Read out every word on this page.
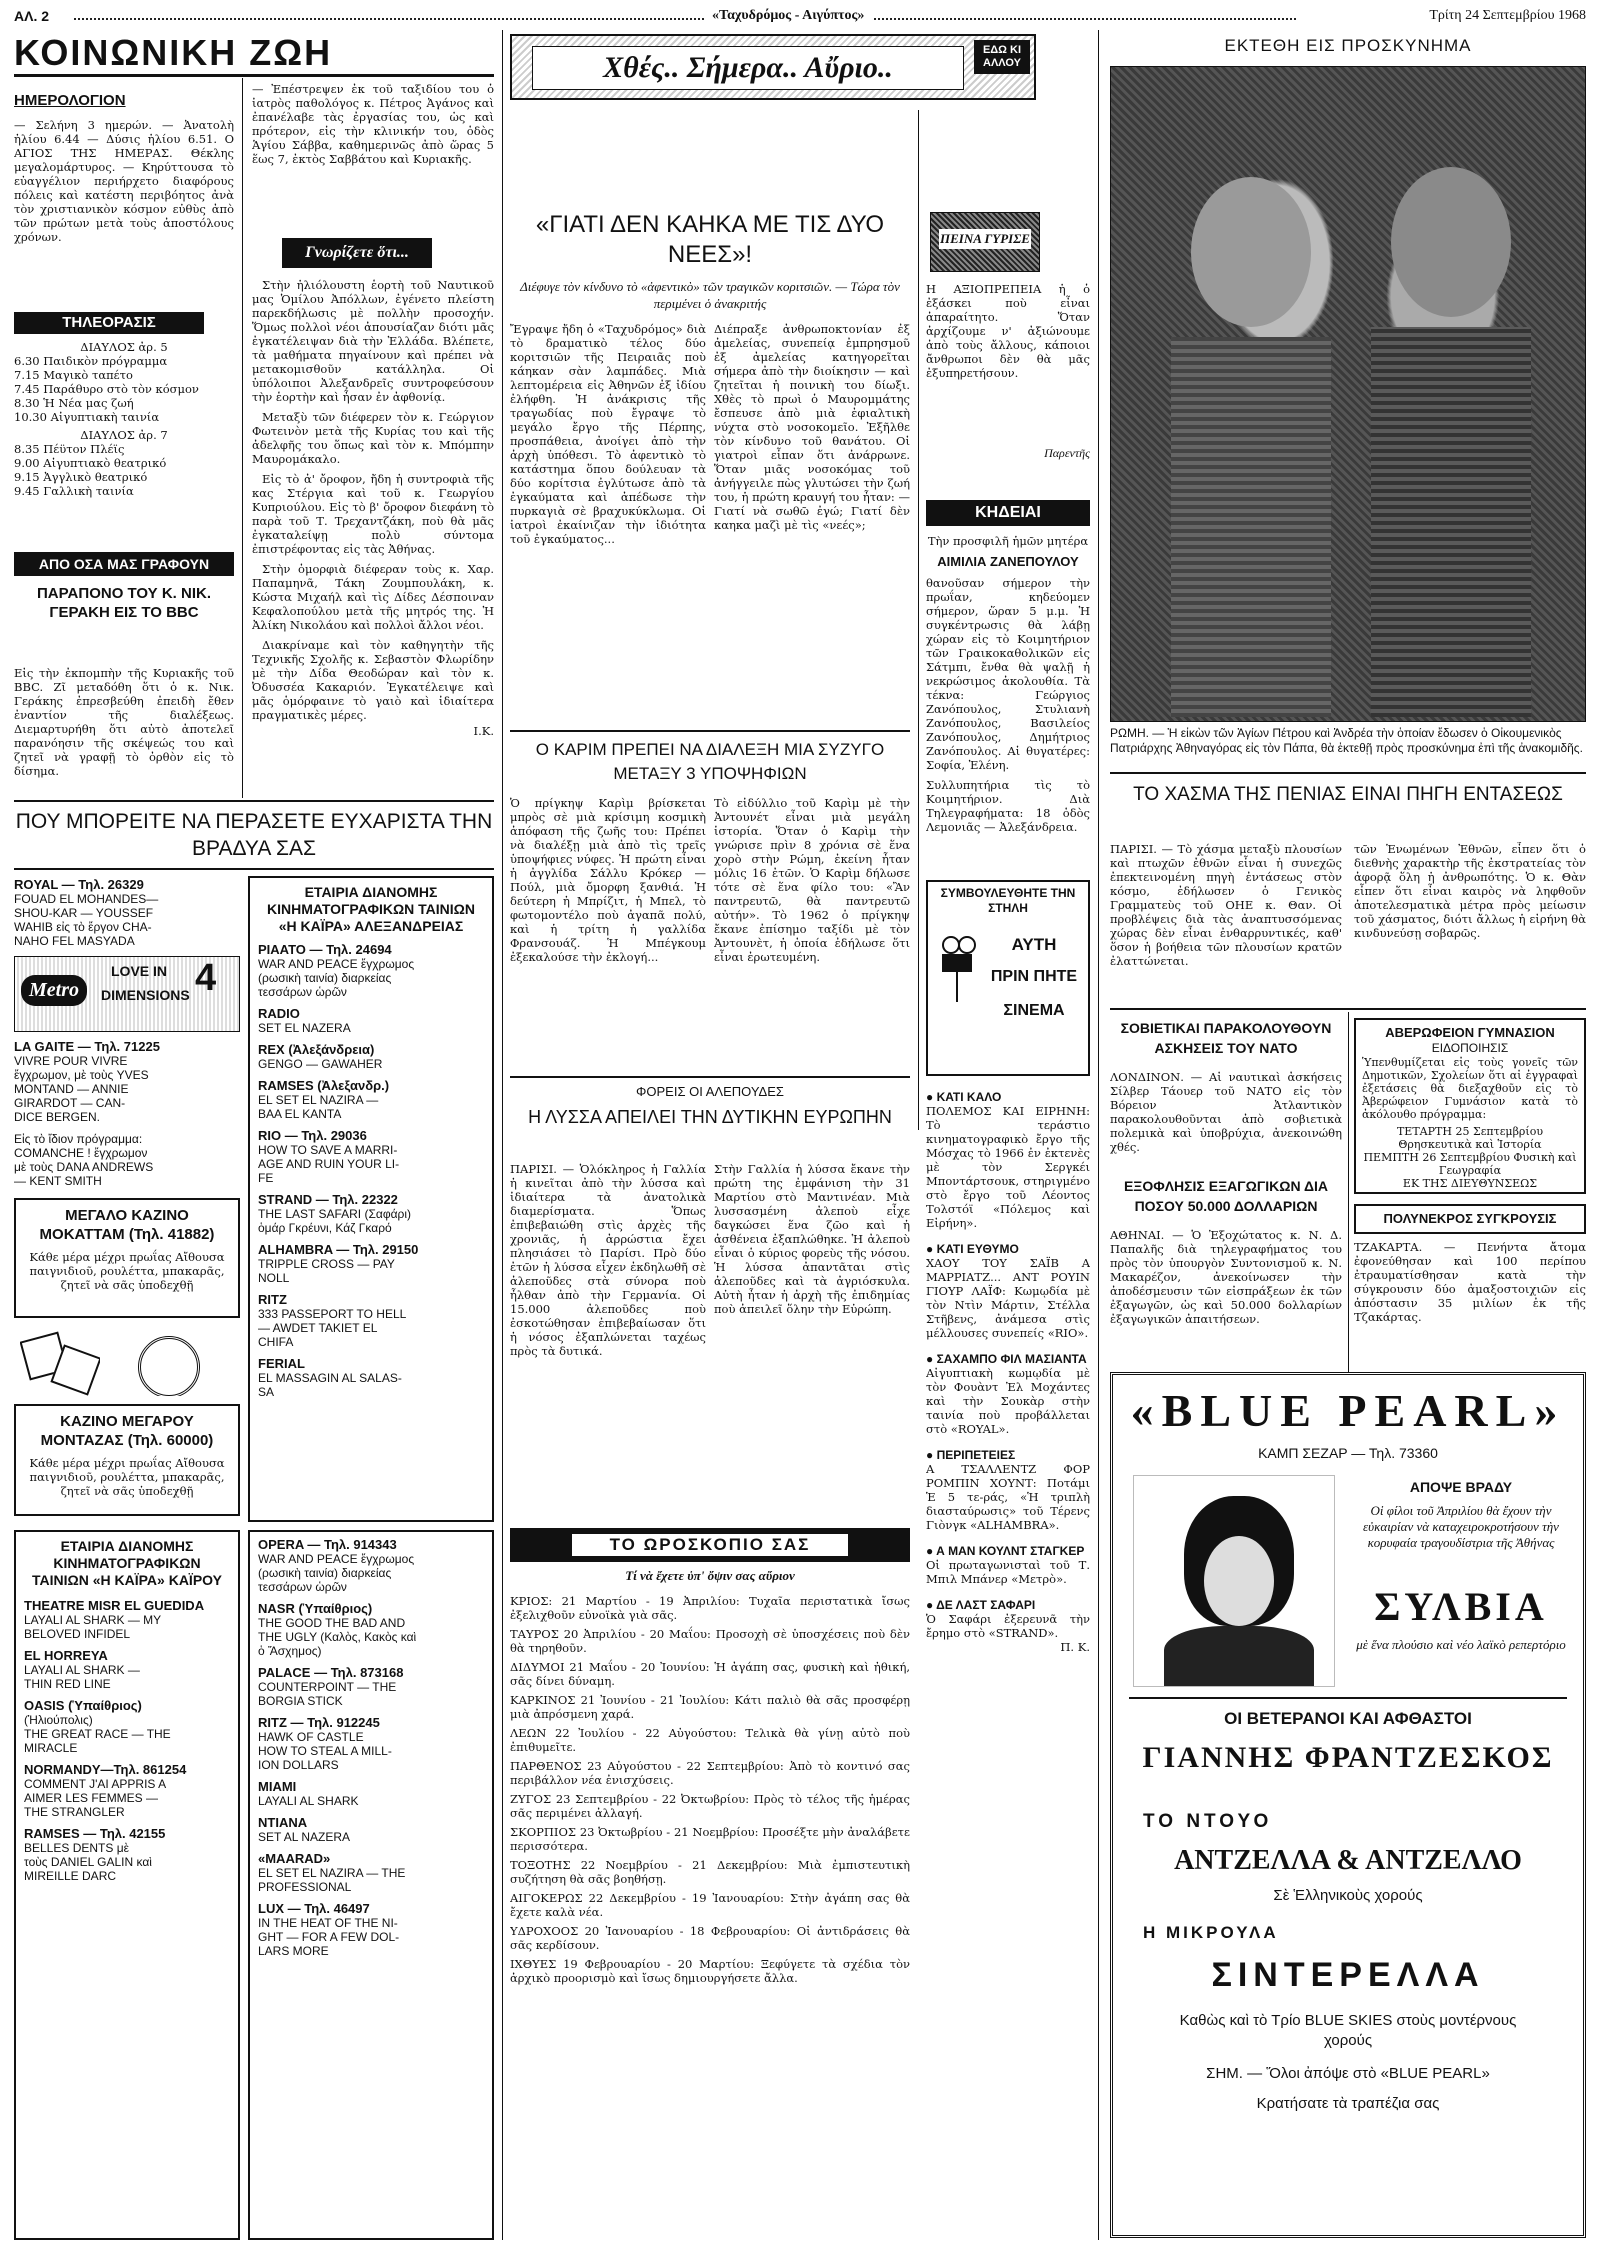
ΑΛ. 2	«Ταχυδρόμος - Αιγύπτος»	Τρίτη 24 Σεπτεμβρίου 1968
ΚΟΙΝΩΝΙΚΗ ΖΩΗ
ΗΜΕΡΟΛΟΓΙΟΝ
— Σελήνη 3 ημερών. — Ἀνατολὴ ἡλίου 6.44 — Δύσις ἡλίου 6.51. Ο ΑΓΙΟΣ ΤΗΣ ΗΜΕΡΑΣ. Θέκλης μεγαλομάρτυρος. — Κηρύττουσα τὸ εὐαγγέλιον περιήρχετο διαφόρους πόλεις καὶ κατέστη περιβόητος ἀνὰ τὸν χριστιανικὸν κόσμον εὐθὺς ἀπὸ τῶν πρώτων μετὰ τοὺς ἀποστόλους χρόνων.
— Ἐπέστρεψεν ἐκ τοῦ ταξιδίου του ὁ ἰατρὸς παθολόγος κ. Πέτρος Ἀγάνος καὶ ἐπανέλαβε τὰς ἐργασίας του, ὡς καὶ πρότερον, εἰς τὴν κλινικήν του, ὁδὸς Ἁγίου Σάββα, καθημερινῶς ἀπὸ ὥρας 5 ἕως 7, ἐκτὸς Σαββάτου καὶ Κυριακῆς.
ΤΗΛΕΟΡΑΣΙΣ
ΔΙΑΥΛΟΣ ἀρ. 5
6.30 Παιδικὸν πρόγραμμα
7.15 Μαγικὸ ταπέτο
7.45 Παράθυρο στὸ τὸν κόσμον
8.30 Ἡ Νέα μας ζωή
10.30 Αἰγυπτιακὴ ταινία
ΔΙΑΥΛΟΣ ἀρ. 7
8.35 Πέϋτον Πλέϊς
9.00 Αἰγυπτιακὸ θεατρικό
9.15 Ἀγγλικὸ θεατρικό
9.45 Γαλλικὴ ταινία
ΑΠΟ ΟΣΑ ΜΑΣ ΓΡΑΦΟΥΝ
ΠΑΡΑΠΟΝΟ ΤΟΥ Κ. ΝΙΚ. ΓΕΡΑΚΗ ΕΙΣ ΤΟ BBC
Εἰς τὴν ἐκπομπὴν τῆς Κυριακῆς τοῦ BBC. Ζῖ μεταδόθη ὅτι ὁ κ. Νικ. Γεράκης ἐπρεσβεύθη ἐπειδὴ ἔθεν ἐναντίον τῆς διαλέξεως. Διεμαρτυρήθη ὅτι αὐτὸ ἀποτελεῖ παρανόησιν τῆς σκέψεώς του καὶ ζητεῖ νὰ γραφῇ τὸ ὀρθὸν εἰς τὸ δίσημα.
Γνωρίζετε ὅτι...

Στὴν ἡλιόλουστη ἑορτὴ τοῦ Ναυτικοῦ μας Ὁμίλου Ἀπόλλων, ἐγένετο πλείστη παρεκδήλωσις μὲ πολλὴν προσοχήν. Ὅμως πολλοὶ νέοι ἀπουσίαζαν διότι μᾶς ἐγκατέλειψαν διὰ τὴν Ἑλλάδα. Βλέπετε, τὰ μαθήματα πηγαίνουν καὶ πρέπει νὰ μετακομισθοῦν κατάλληλα. Οἱ ὑπόλοιποι Ἀλεξανδρεῖς συντροφεύσουν τὴν ἑορτὴν καὶ ἦσαν ἐν ἀφθονίᾳ.

Μεταξὺ τῶν διέφερεν τὸν κ. Γεώργιον Φωτεινὸν μετὰ τῆς Κυρίας του καὶ τῆς ἀδελφῆς του ὅπως καὶ τὸν κ. Μπόμπην Μαυρομάκαλο.

Εἰς τὸ ἀ' ὄροφον, ἤδη ἡ συντροφιὰ τῆς κας Στέργια καὶ τοῦ κ. Γεωργίου Κυπριούλου. Εἰς τὸ β' ὄροφον διεφάνη τὸ παρὰ τοῦ Τ. Τρεχαντζάκη, ποὺ θὰ μᾶς ἐγκαταλείψῃ πολὺ σύντομα ἐπιστρέφοντας εἰς τὰς Ἀθήνας.

Στὴν ὁμορφιὰ διέφεραν τοὺς κ. Χαρ. Παπαμηνᾶ, Τάκη Ζουμπουλάκη, κ. Κώστα Μιχαήλ καὶ τὶς Δίδες Δέσποιναν Κεφαλοπούλου μετὰ τῆς μητρός της. Ἡ Ἀλίκη Νικολάου καὶ πολλοὶ ἄλλοι νέοι.

Διακρίναμε καὶ τὸν καθηγητὴν τῆς Τεχνικῆς Σχολῆς κ. Σεβαστὸν Φλωρίδην μὲ τὴν Δίδα Θεοδώραν καὶ τὸν κ. Ὀδυσσέα Κακαριόν. Ἐγκατέλειψε καὶ μᾶς ὁμόρφαινε τὸ γαιὸ καὶ ἰδιαίτερα πραγματικὲς μέρες.

Ι.Κ.
ΠΟΥ ΜΠΟΡΕΙΤΕ ΝΑ ΠΕΡΑΣΕΤΕ ΕΥΧΑΡΙΣΤΑ ΤΗΝ ΒΡΑΔΥΑ ΣΑΣ
ROYAL — Τηλ. 26329
FOUAD EL MOHANDES—
SHOU-KAR — YOUSSEF
WAHIB εἰς τὸ ἔργον CHA-
NAHO FEL MASYADA
Metro
LOVE IN 4
DIMENSIONS
LA GAITE — Τηλ. 71225
VIVRE POUR VIVRE
ἔγχρωμον, μὲ τοὺς YVES
MONTAND — ANNIE
GIRARDOT — CAN-
DICE BERGEN.
Εἰς τὸ ἴδιον πρόγραμμα:
COMANCHE ! ἔγχρωμον
μὲ τοὺς DANA ANDREWS
— KENT SMITH
ΜΕΓΑΛΟ ΚΑΖΙΝΟ ΜΟΚΑΤΤΑΜ (Τηλ. 41882)
Κάθε μέρα μέχρι πρωΐας Αἴθουσα παιγνιδιοῦ, ρουλέττα, μπακαρᾶς, ζητεῖ νὰ σᾶς ὑποδεχθῇ
ΚΑΖΙΝΟ ΜΕΓΑΡΟΥ ΜΟΝΤΑΖΑΣ (Τηλ. 60000)
Κάθε μέρα μέχρι πρωΐας Αἴθουσα παιγνιδιοῦ, ρουλέττα, μπακαρᾶς, ζητεῖ νὰ σᾶς ὑποδεχθῇ
ΕΤΑΙΡΙΑ ΔΙΑΝΟΜΗΣ ΚΙΝΗΜΑΤΟΓΡΑΦΙΚΩΝ ΤΑΙΝΙΩΝ «Η ΚΑΪΡΑ» ΑΛΕΞΑΝΔΡΕΙΑΣ
PIAATO — Τηλ. 24694
WAR AND PEACE ἔγχρωμος
(ρωσικὴ ταινία) διαρκείας
τεσσάρων ὡρῶν
RADIO
SET EL NAZERA
REX (Ἀλεξάνδρεια)
GENGO — GAWAHER
RAMSES (Ἀλεξανδρ.)
EL SET EL NAZIRA —
BAA EL KANTA
RIO — Τηλ. 29036
HOW TO SAVE A MARRI-
AGE AND RUIN YOUR LI-
FE
STRAND — Τηλ. 22322
THE LAST SAFARI (Σαφάρι)
ὁμάρ Γκρέυνι, Κάζ Γκαρό
ALHAMBRA — Τηλ. 29150
TRIPPLE CROSS — PAY
NOLL
RITZ
333 PASSEPORT TO HELL
— AWDET TAKIET EL
CHIFA
FERIAL
EL MASSAGIN AL SALAS-
SA
ΕΤΑΙΡΙΑ ΔΙΑΝΟΜΗΣ ΚΙΝΗΜΑΤΟΓΡΑΦΙΚΩΝ ΤΑΙΝΙΩΝ «Η ΚΑΪΡΑ» ΚΑΪΡΟΥ
THEATRE MISR EL GUEDIDA
LAYALI AL SHARK — MY
BELOVED INFIDEL
EL HORREYA
LAYALI AL SHARK —
THIN RED LINE
OASIS (Ὑπαίθριος)
(Ἡλιούπολις)
THE GREAT RACE — THE
MIRACLE
NORMANDY—Τηλ. 861254
COMMENT J'AI APPRIS A
AIMER LES FEMMES —
THE STRANGLER
RAMSES — Τηλ. 42155
BELLES DENTS μὲ
τοὺς DANIEL GALIN καὶ
MIREILLE DARC
OPERA — Τηλ. 914343
WAR AND PEACE ἔγχρωμος
(ρωσικὴ ταινία) διαρκείας
τεσσάρων ὡρῶν
NASR (Ὑπαίθριος)
THE GOOD THE BAD AND
THE UGLY (Καλὸς, Κακὸς καὶ
ὁ Ἄσχημος)
PALACE — Τηλ. 873168
COUNTERPOINT — THE
BORGIA STICK
RITZ — Τηλ. 912245
HAWK OF CASTLE
HOW TO STEAL A MILL-
ION DOLLARS
MIAMI
LAYALI AL SHARK
NTIANA
SET AL NAZERA
«MAARAD»
EL SET EL NAZIRA — THE
PROFESSIONAL
LUX — Τηλ. 46497
IN THE HEAT OF THE NI-
GHT — FOR A FEW DOL-
LARS MORE
Χθές.. Σήμερα.. Αὔριο..
ΕΔΩ ΚΙ ΑΛΛΟΥ
«ΓΙΑΤΙ ΔΕΝ ΚΑΗΚΑ ΜΕ ΤΙΣ ΔΥΟ ΝΕΕΣ»!
Διέφυγε τὸν κίνδυνο τὸ «ἀφεντικὸ» τῶν τραγικῶν κοριτσιῶν. — Τώρα τὸν περιμένει ὁ ἀνακριτής
Ἔγραψε ἤδη ὁ «Ταχυδρόμος» διὰ τὸ δραματικὸ τέλος δύο κοριτσιῶν τῆς Πειραιᾶς ποὺ κάηκαν σὰν λαμπάδες. Μιὰ λεπτομέρεια εἰς Ἀθηνῶν ἐξ ἰδίου ἐλήφθη. Ἡ ἀνάκρισις τῆς τραγωδίας ποὺ ἔγραψε τὸ μεγάλο ἔργο τῆς Πέρπης, προσπάθεια, ἀνοίγει ἀπὸ τὴν ἀρχὴ ὑπόθεσι. Τὸ ἀφεντικὸ τὸ κατάστημα ὅπου δούλευαν τὰ δύο κορίτσια ἐγλύτωσε ἀπὸ τὰ ἐγκαύματα καὶ ἀπέδωσε τὴν πυρκαγιὰ σὲ βραχυκύκλωμα. Οἱ ἰατροὶ ἐκαίνιζαν τὴν ἰδιότητα τοῦ ἐγκαύματος...
Διέπραξε ἀνθρωποκτονίαν ἐξ ἀμελείας, συνεπείᾳ ἐμπρησμοῦ ἐξ ἀμελείας κατηγορεῖται σήμερα ἀπὸ τὴν διοίκησιν — καὶ ζητεῖται ἡ ποινικὴ του δίωξι. Χθὲς τὸ πρωὶ ὁ Μαυρομμάτης ἔσπευσε ἀπὸ μιὰ ἐφιαλτικὴ νύχτα στὸ νοσοκομεῖο. Ἐξῆλθε τὸν κίνδυνο τοῦ θανάτου. Οἱ γιατροὶ εἶπαν ὅτι ἀνάρρωνε. Ὅταν μιᾶς νοσοκόμας τοῦ ἀνήγγειλε πὼς γλυτώσει τὴν ζωή του, ἡ πρώτη κραυγή του ἦταν: — Γιατί νὰ σωθῶ ἐγώ; Γιατί δὲν καηκα μαζὶ μὲ τὶς «νεές»;
ΠΕΙΝΑ ΓΥΡΙΣΕ
Η ΑΞΙΟΠΡΕΠΕΙΑ ἡ ὁ ἐξάσκει ποὺ εἶναι ἀπαραίτητο. Ὅταν ἀρχίζουμε ν' ἀξιώνουμε ἀπὸ τοὺς ἄλλους, κάποιοι ἄνθρωποι δὲν θὰ μᾶς ἐξυπηρετήσουν.
Παρεντῆς
ΚΗΔΕΙΑΙ
Τὴν προσφιλῆ ἡμῶν μητέρα
ΑΙΜΙΛΙΑ ΖΑΝΕΠΟΥΛΟΥ
θανοῦσαν σήμερον τὴν πρωΐαν, κηδεύομεν σήμερον, ὥραν 5 μ.μ. Ἡ συγκέντρωσις θὰ λάβῃ χώραν εἰς τὸ Κοιμητήριον τῶν Γραικοκαθολικῶν εἰς Σάτμπι, ἔνθα θὰ ψαλῇ ἡ νεκρώσιμος ἀκολουθία. Τὰ τέκνα: Γεώργιος Ζανόπουλος, Στυλιανὴ Ζανόπουλος, Βασιλείος Ζανόπουλος, Δημήτριος Ζανόπουλος. Αἱ θυγατέρες: Σοφία, Ἑλένη.
Συλλυπητήρια τὶς τὸ Κοιμητήριον. Διὰ Τηλεγραφήματα: 18 ὁδὸς Λεμονιᾶς — Ἀλεξάνδρεια.
Ο ΚΑΡΙΜ ΠΡΕΠΕΙ ΝΑ ΔΙΑΛΕΞΗ ΜΙΑ ΣΥΖΥΓΟ ΜΕΤΑΞΥ 3 ΥΠΟΨΗΦΙΩΝ
Ὁ πρίγκηψ Καρὶμ βρίσκεται μπρὸς σὲ μιὰ κρίσιμη κοσμικὴ ἀπόφαση τῆς ζωῆς του: Πρέπει νὰ διαλέξῃ μιὰ ἀπὸ τὶς τρεῖς ὑποψήφιες νύφες. Ἡ πρώτη εἶναι ἡ ἀγγλίδα Σάλλυ Κρόκερ — Πούλ, μιὰ ὄμορφη ξανθιά. Ἡ δεύτερη ἡ Μπρίζιτ, ἡ Μπελ, τὸ φωτομοντέλο ποὺ ἀγαπᾶ πολύ, καὶ ἡ τρίτη ἡ γαλλίδα Φρανσουάζ. Ἡ Μπέγκουμ ἐξεκαλούσε τὴν ἐκλογή...
Τὸ εἰδύλλιο τοῦ Καρὶμ μὲ τὴν Ἀντουνέτ εἶναι μιὰ μεγάλη ἱστορία. Ὅταν ὁ Καρὶμ τὴν γνώρισε πρὶν 8 χρόνια σὲ ἕνα χορὸ στὴν Ρώμη, ἐκείνη ἦταν μόλις 16 ἐτῶν. Ὁ Καρὶμ δήλωσε τότε σὲ ἕνα φίλο του: «Ἂν παντρευτῶ, θὰ παντρευτῶ αὐτήν». Τὸ 1962 ὁ πρίγκηψ ἔκανε ἐπίσημο ταξίδι μὲ τὸν Ἀντουνὲτ, ἡ ὁποία ἐδήλωσε ὅτι εἶναι ἐρωτευμένη.
ΣΥΜΒΟΥΛΕΥΘΗΤΕ ΤΗΝ ΣΤΗΛΗ
ΑΥΤΗ
ΠΡΙΝ ΠΗΤΕ
ΣΙΝΕΜΑ
ΦΟΡΕΙΣ ΟΙ ΑΛΕΠΟΥΔΕΣ
Η ΛΥΣΣΑ ΑΠΕΙΛΕΙ ΤΗΝ ΔΥΤΙΚΗΝ ΕΥΡΩΠΗΝ
ΠΑΡΙΣΙ. — Ὁλόκληρος ἡ Γαλλία ἡ κινεῖται ἀπὸ τὴν λύσσα καὶ ἰδιαίτερα τὰ ἀνατολικὰ διαμερίσματα. Ὅπως ἐπιβεβαιώθη στὶς ἀρχὲς τῆς χρονιᾶς, ἡ ἀρρώστια ἔχει πλησιάσει τὸ Παρίσι. Πρὸ δύο ἐτῶν ἡ λύσσα εἶχεν ἐκδηλωθῆ σὲ ἀλεποῦδες στὰ σύνορα ποὺ ἦλθαν ἀπὸ τὴν Γερμανία. Οἱ 15.000 ἀλεποῦδες ποὺ ἐσκοτώθησαν ἐπιβεβαίωσαν ὅτι ἡ νόσος ἐξαπλώνεται ταχέως πρὸς τὰ δυτικά.
Στὴν Γαλλία ἡ λύσσα ἔκανε τὴν πρώτη της ἐμφάνιση τὴν 31 Μαρτίου στὸ Μαντινέαν. Μιὰ λυσσασμένη ἀλεποὺ εἶχε δαγκώσει ἕνα ζῶο καὶ ἡ ἀσθένεια ἐξαπλώθηκε. Ἡ ἀλεποὺ εἶναι ὁ κύριος φορεὺς τῆς νόσου. Ἡ λύσσα ἀπαντᾶται στὶς ἀλεποῦδες καὶ τὰ ἀγριόσκυλα. Αὐτὴ ἦταν ἡ ἀρχὴ τῆς ἐπιδημίας ποὺ ἀπειλεῖ ὅλην τὴν Εὐρώπη.
● ΚΑΤΙ ΚΑΛΟ
ΠΟΛΕΜΟΣ ΚΑΙ ΕΙΡΗΝΗ: Τὸ τεράστιο κινηματογραφικὸ ἔργο τῆς Μόσχας τὸ 1966 ἐν ἐκτενὲς μὲ τὸν Σεργκέι Μποντάρτσουκ, στηριγμένο στὸ ἔργο τοῦ Λέοντος Τολστόϊ «Πόλεμος καὶ Εἰρήνη».
● ΚΑΤΙ ΕΥΘΥΜΟ
ΧΑΟΥ ΤΟΥ ΣΑΪΒ Α ΜΑΡΡΙΑΤΖ... ΑΝΤ ΡΟΥΙΝ ΓΙΟΥΡ ΛΑΪΦ: Κωμῳδία μὲ τὸν Ντὶν Μάρτιν, Στέλλα Στῆβενς, ἀνάμεσα στὶς μέλλουσες συνεπείς «RIO».
● ΣΑΧΑΜΠΟ ΦΙΛ ΜΑΣΙΑΝΤΑ
Αἰγυπτιακὴ κωμῳδία μὲ τὸν Φουὰντ Ἐλ Μοχάντες καὶ τὴν Σουκὰρ στὴν ταινία ποὺ προβάλλεται στὸ «ROYAL».
● ΠΕΡΙΠΕΤΕΙΕΣ
Α ΤΣΑΛΛΕΝΤΖ ΦΟΡ ΡΟΜΠΙΝ ΧΟΥΝΤ: Ποτάμι Ἑ 5 τε-ράς, «Ἡ τριπλὴ διασταύρωσις» τοῦ Τέρενς Γιὸνγκ «ALHAMBRA».
● Α ΜΑΝ ΚΟΥΛΝΤ ΣΤΑΓΚΕΡ
Οἱ πρωταγωνισταὶ τοῦ Τ. Μπιλ Μπάνερ «Μετρὸ».
● ΔΕ ΛΑΣΤ ΣΑΦΑΡΙ
Ὁ Σαφάρι ἐξερευνᾶ τὴν ἔρημο στὸ «STRAND».
Π. Κ.
ΤΟ ΩΡΟΣΚΟΠΙΟ ΣΑΣ
Τί νὰ ἔχετε ὑπ' ὄψιν σας αὔριον
ΚΡΙΟΣ: 21 Μαρτίου - 19 Ἀπριλίου: Τυχαῖα περιστατικὰ ἴσως ἐξελιχθοῦν εὐνοϊκὰ γιὰ σᾶς.
ΤΑΥΡΟΣ 20 Ἀπριλίου - 20 Μαΐου: Προσοχὴ σὲ ὑποσχέσεις ποὺ δὲν θὰ τηρηθοῦν.
ΔΙΔΥΜΟΙ 21 Μαΐου - 20 Ἰουνίου: Ἡ ἀγάπη σας, φυσικὴ καὶ ἠθική, σᾶς δίνει δύναμη.
ΚΑΡΚΙΝΟΣ 21 Ἰουνίου - 21 Ἰουλίου: Κάτι παλιὸ θὰ σᾶς προσφέρῃ μιὰ ἀπρόσμενη χαρά.
ΛΕΩΝ 22 Ἰουλίου - 22 Αὐγούστου: Τελικὰ θὰ γίνῃ αὐτὸ ποὺ ἐπιθυμεῖτε.
ΠΑΡΘΕΝΟΣ 23 Αὐγούστου - 22 Σεπτεμβρίου: Ἀπὸ τὸ κοντινό σας περιβάλλον νέα ἐνισχύσεις.
ΖΥΓΟΣ 23 Σεπτεμβρίου - 22 Ὀκτωβρίου: Πρὸς τὸ τέλος τῆς ἡμέρας σᾶς περιμένει ἀλλαγή.
ΣΚΟΡΠΙΟΣ 23 Ὀκτωβρίου - 21 Νοεμβρίου: Προσέξτε μὴν ἀναλάβετε περισσότερα.
ΤΟΞΟΤΗΣ 22 Νοεμβρίου - 21 Δεκεμβρίου: Μιὰ ἐμπιστευτικὴ συζήτηση θὰ σᾶς βοηθήσῃ.
ΑΙΓΟΚΕΡΩΣ 22 Δεκεμβρίου - 19 Ἰανουαρίου: Στὴν ἀγάπη σας θὰ ἔχετε καλὰ νέα.
ΥΔΡΟΧΟΟΣ 20 Ἰανουαρίου - 18 Φεβρουαρίου: Οἱ ἀντιδράσεις θὰ σᾶς κερδίσουν.
ΙΧΘΥΕΣ 19 Φεβρουαρίου - 20 Μαρτίου: Ξεφύγετε τὰ σχέδια τὸν ἀρχικὸ προορισμὸ καὶ ἴσως δημιουργήσετε ἄλλα.
ΕΚΤΕΘΗ ΕΙΣ ΠΡΟΣΚΥΝΗΜΑ
ΡΩΜΗ. — Ἡ εἰκὼν τῶν Ἁγίων Πέτρου καὶ Ἀνδρέα τὴν ὁποίαν ἔδωσεν ὁ Οἰκουμενικὸς Πατριάρχης Ἀθηναγόρας εἰς τὸν Πάπα, θὰ ἐκτεθῇ πρὸς προσκύνημα ἐπὶ τῆς ἀνακομιδῆς.
ΤΟ ΧΑΣΜΑ ΤΗΣ ΠΕΝΙΑΣ ΕΙΝΑΙ ΠΗΓΗ ΕΝΤΑΣΕΩΣ
ΠΑΡΙΣΙ. — Τὸ χάσμα μεταξὺ πλουσίων καὶ πτωχῶν ἐθνῶν εἶναι ἡ συνεχῶς ἐπεκτεινομένη πηγὴ ἐντάσεως στὸν κόσμο, ἐδήλωσεν ὁ Γενικὸς Γραμματεὺς τοῦ ΟΗΕ κ. Θαν. Οἱ προβλέψεις διὰ τὰς ἀναπτυσσόμενας χώρας δὲν εἶναι ἐνθαρρυντικές, καθ' ὅσον ἡ βοήθεια τῶν πλουσίων κρατῶν ἐλαττώνεται.
τῶν Ἑνωμένων Ἐθνῶν, εἶπεν ὅτι ὁ διεθνὴς χαρακτὴρ τῆς ἐκστρατείας τὸν ἀφορᾷ ὅλη ἡ ἀνθρωπότης. Ὁ κ. Θὰν εἶπεν ὅτι εἶναι καιρὸς νὰ ληφθοῦν ἀποτελεσματικὰ μέτρα πρὸς μείωσιν τοῦ χάσματος, διότι ἄλλως ἡ εἰρήνη θὰ κινδυνεύσῃ σοβαρῶς.
ΣΟΒΙΕΤΙΚΑΙ ΠΑΡΑΚΟΛΟΥΘΟΥΝ ΑΣΚΗΣΕΙΣ ΤΟΥ ΝΑΤΟ
ΛΟΝΔΙΝΟΝ. — Αἱ ναυτικαὶ ἀσκήσεις Σίλβερ Τάουερ τοῦ ΝΑΤΟ εἰς τὸν Βόρειον Ἀτλαντικὸν παρακολουθοῦνται ἀπὸ σοβιετικὰ πολεμικὰ καὶ ὑποβρύχια, ἀνεκοινώθη χθές.
ΕΞΟΦΛΗΣΙΣ ΕΞΑΓΩΓΙΚΩΝ ΔΙΑ ΠΟΣΟΥ 50.000 ΔΟΛΛΑΡΙΩΝ
ΑΘΗΝΑΙ. — Ὁ Ἐξοχώτατος κ. Ν. Δ. Παπαλῆς διὰ τηλεγραφήματος του πρὸς τὸν ὑπουργὸν Συντονισμοῦ κ. Ν. Μακαρέζον, ἀνεκοίνωσεν τὴν ἀποδέσμευσιν τῶν εἰσπράξεων ἐκ τῶν ἐξαγωγῶν, ὡς καὶ 50.000 δολλαρίων ἐξαγωγικῶν ἀπαιτήσεων.
ΑΒΕΡΩΦΕΙΟΝ ΓΥΜΝΑΣΙΟΝ
ΕΙΔΟΠΟΙΗΣΙΣ
Ὑπενθυμίζεται εἰς τοὺς γονεῖς τῶν Δημοτικῶν, Σχολείων ὅτι αἱ ἐγγραφαὶ ἐξετάσεις θὰ διεξαχθοῦν εἰς τὸ Ἀβερώφειον Γυμνάσιον κατὰ τὸ ἀκόλουθο πρόγραμμα:
ΤΕΤΑΡΤΗ 25 Σεπτεμβρίου Θρησκευτικὰ καὶ Ἱστορία
ΠΕΜΠΤΗ 26 Σεπτεμβρίου Φυσικὴ καὶ Γεωγραφία
ΕΚ ΤΗΣ ΔΙΕΥΘΥΝΣΕΩΣ
ΠΟΛΥΝΕΚΡΟΣ ΣΥΓΚΡΟΥΣΙΣ
ΤΖΑΚΑΡΤΑ. — Πενήντα ἄτομα ἐφονεύθησαν καὶ 100 περίπου ἐτραυματίσθησαν κατὰ τὴν σύγκρουσιν δύο ἀμαξοστοιχιῶν εἰς ἀπόστασιν 35 μιλίων ἐκ τῆς Τζακάρτας.
«BLUE PEARL»
ΚΑΜΠ ΣΕΖΑΡ — Τηλ. 73360
ΑΠΟΨΕ ΒΡΑΔΥ
Οἱ φίλοι τοῦ Ἀπριλίου θὰ ἔχουν τὴν εὐκαιρίαν νὰ καταχειροκροτήσουν τὴν κορυφαία τραγουδίστρια τῆς Ἀθήνας
ΣΥΛΒΙΑ
μὲ ἕνα πλούσιο καὶ νέο λαϊκὸ ρεπερτόριο
ΟΙ ΒΕΤΕΡΑΝΟΙ ΚΑΙ ΑΦΘΑΣΤΟΙ
ΓΙΑΝΝΗΣ ΦΡΑΝΤΖΕΣΚΟΣ
ΤΟ ΝΤΟΥΟ
ΑΝΤΖΕΛΛΑ & ΑΝΤΖΕΛΛΟ
Σὲ Ἑλληνικοὺς χορούς
Η ΜΙΚΡΟΥΛΑ
ΣΙΝΤΕΡΕΛΛΑ
Καθὼς καὶ τὸ Τρίο BLUE SKIES στοὺς μοντέρνους χορούς
ΣΗΜ. — Ὅλοι ἀπόψε στὸ «BLUE PEARL»
Κρατήσατε τὰ τραπέζια σας
